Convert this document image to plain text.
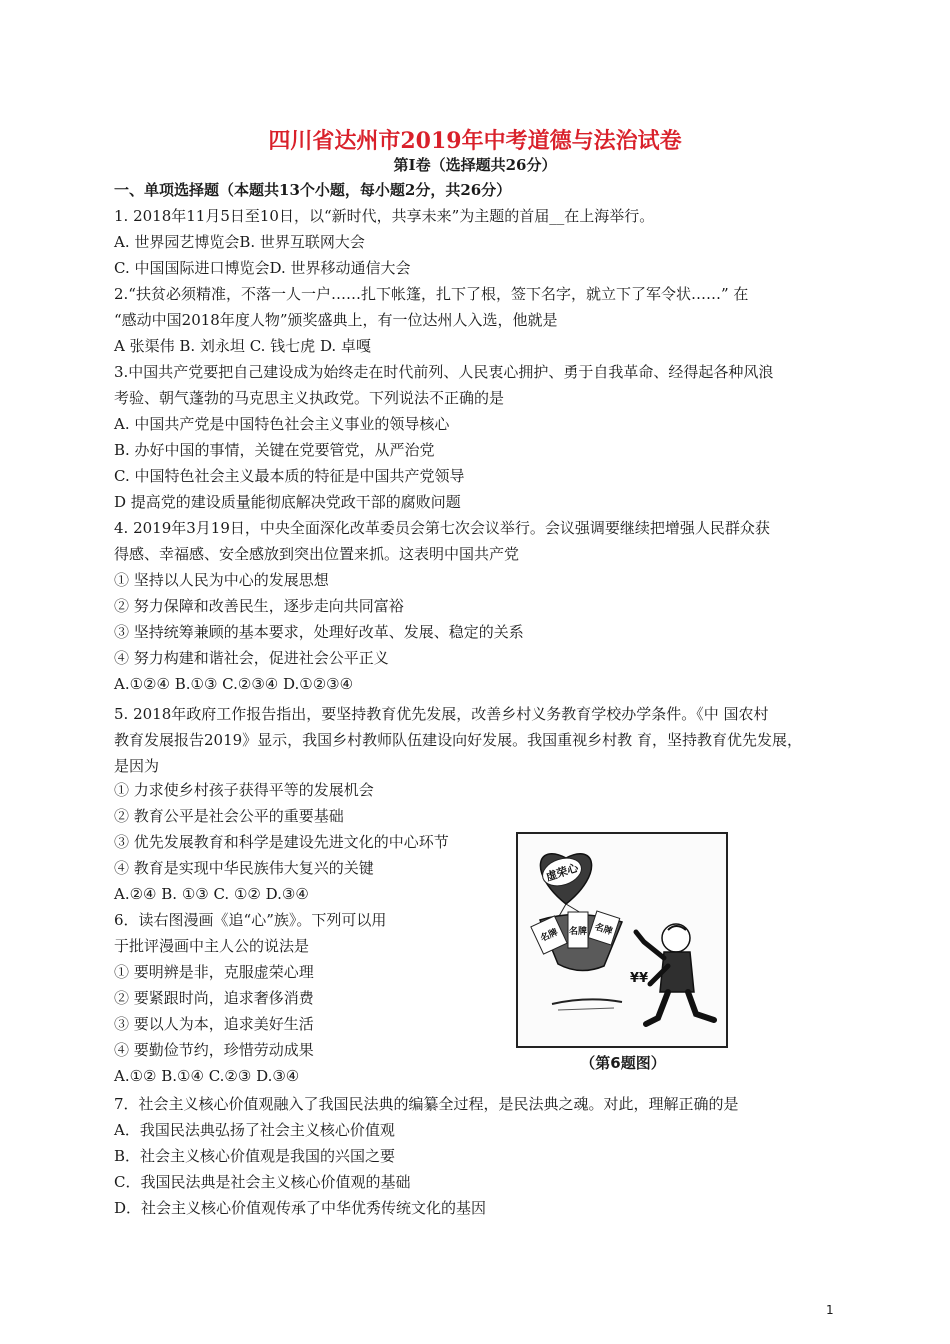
四川省达州市2019年中考道德与法治试卷
第Ⅰ卷（选择题共26分）
一、单项选择题（本题共13个小题，每小题2分，共26分）
1. 2018年11月5日至10日，以“新时代，共享未来”为主题的首届__在上海举行。
A. 世界园艺博览会B. 世界互联网大会
C. 中国国际进口博览会D. 世界移动通信大会
2.“扶贫必须精准，不落一人一户……扎下帐篷，扎下了根，签下名字，就立下了军令状……” 在
“感动中国2018年度人物”颁奖盛典上，有一位达州人入选，他就是
A 张渠伟 B. 刘永坦 C. 钱七虎 D. 卓嘎
3.中国共产党要把自己建设成为始终走在时代前列、人民衷心拥护、勇于自我革命、经得起各种风浪
考验、朝气蓬勃的马克思主义执政党。下列说法不正确的是
A. 中国共产党是中国特色社会主义事业的领导核心
B. 办好中国的事情，关键在党要管党，从严治党
C. 中国特色社会主义最本质的特征是中国共产党领导
D 提高党的建设质量能彻底解决党政干部的腐败问题
4. 2019年3月19日，中央全面深化改革委员会第七次会议举行。会议强调要继续把增强人民群众获
得感、幸福感、安全感放到突出位置来抓。这表明中国共产党
① 坚持以人民为中心的发展思想
② 努力保障和改善民生，逐步走向共同富裕
③ 坚持统筹兼顾的基本要求，处理好改革、发展、稳定的关系
④ 努力构建和谐社会，促进社会公平正义
A.①②④ B.①③ C.②③④ D.①②③④
5. 2018年政府工作报告指出，要坚持教育优先发展，改善乡村义务教育学校办学条件。《中 国农村
教育发展报告2019》显示，我国乡村教师队伍建设向好发展。我国重视乡村教 育，坚持教育优先发展，
是因为
① 力求使乡村孩子获得平等的发展机会
② 教育公平是社会公平的重要基础
③ 优先发展教育和科学是建设先进文化的中心环节
④ 教育是实现中华民族伟大复兴的关键
A.②④ B. ①③ C. ①② D.③④
6．读右图漫画《追“心”族》。下列可以用
于批评漫画中主人公的说法是
① 要明辨是非，克服虚荣心理
② 要紧跟时尚，追求奢侈消费
③ 要以人为本，追求美好生活
④ 要勤俭节约，珍惜劳动成果
A.①② B.①④ C.②③ D.③④
7．社会主义核心价值观融入了我国民法典的编纂全过程，是民法典之魂。对此，理解正确的是
A．我国民法典弘扬了社会主义核心价值观
B．社会主义核心价值观是我国的兴国之要
C．我国民法典是社会主义核心价值观的基础
D．社会主义核心价值观传承了中华优秀传统文化的基因
虚荣心
名牌 名牌 名牌
¥¥
（第6题图）
1
